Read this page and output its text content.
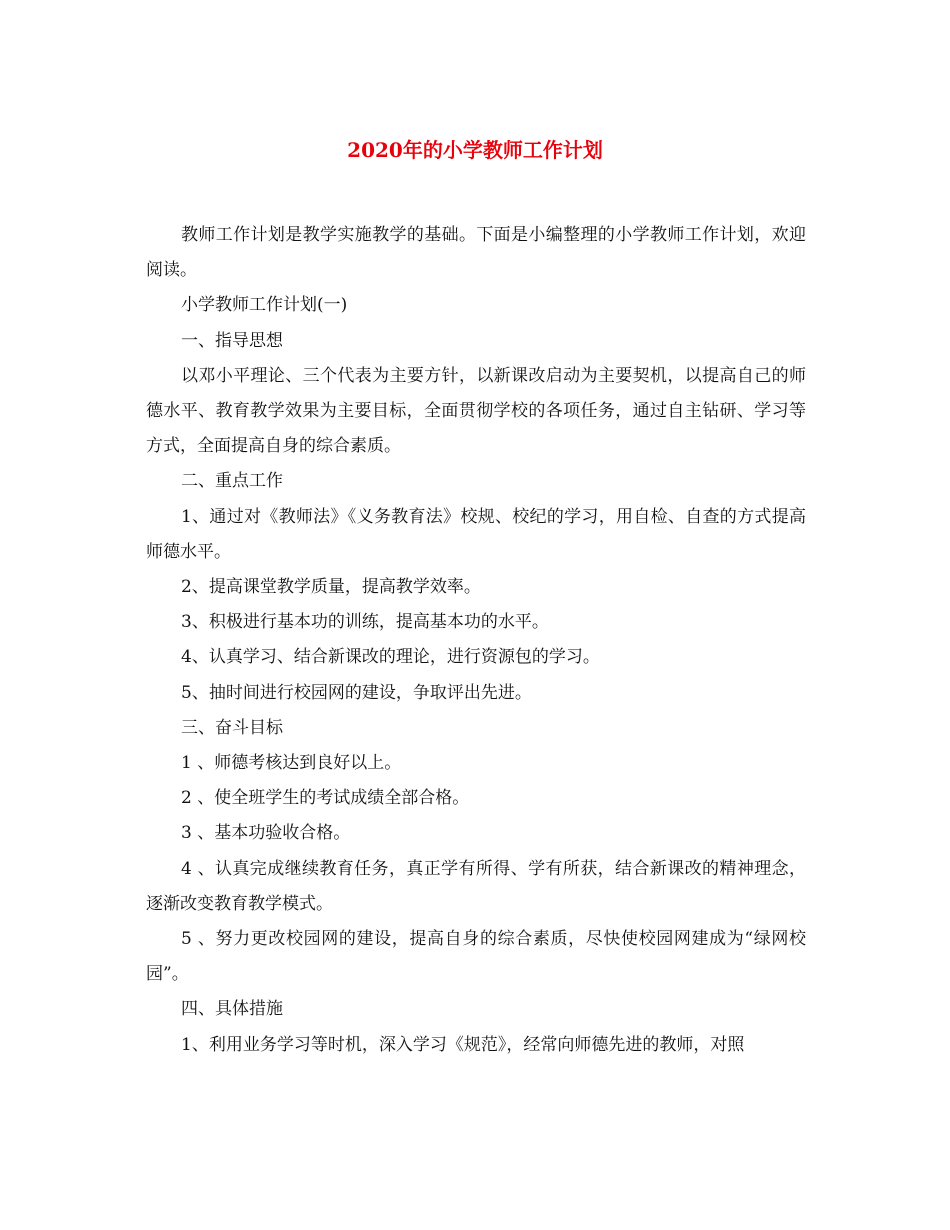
2020年的小学教师工作计划

教师工作计划是教学实施教学的基础。下面是小编整理的小学教师工作计划，欢迎阅读。

小学教师工作计划(一)

一、指导思想

以邓小平理论、三个代表为主要方针，以新课改启动为主要契机，以提高自己的师德水平、教育教学效果为主要目标，全面贯彻学校的各项任务，通过自主钻研、学习等方式，全面提高自身的综合素质。

二、重点工作

1、通过对《教师法》《义务教育法》校规、校纪的学习，用自检、自查的方式提高师德水平。

2、提高课堂教学质量，提高教学效率。

3、积极进行基本功的训练，提高基本功的水平。

4、认真学习、结合新课改的理论，进行资源包的学习。

5、抽时间进行校园网的建设，争取评出先进。

三、奋斗目标

1 、师德考核达到良好以上。

2 、使全班学生的考试成绩全部合格。

3 、基本功验收合格。

4 、认真完成继续教育任务，真正学有所得、学有所获，结合新课改的精神理念，逐渐改变教育教学模式。

5 、努力更改校园网的建设，提高自身的综合素质，尽快使校园网建成为“绿网校园”。

四、具体措施

1、利用业务学习等时机，深入学习《规范》，经常向师德先进的教师，对照
